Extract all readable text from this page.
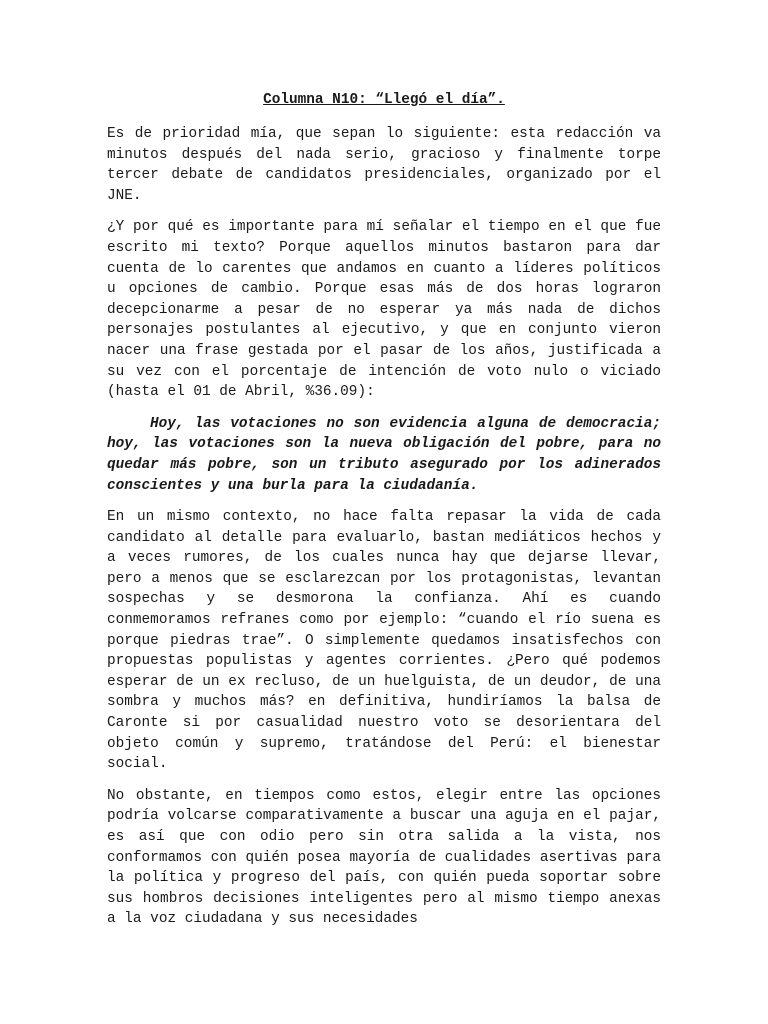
Columna N10: “Llegó el día”.

Es de prioridad mía, que sepan lo siguiente: esta redacción va minutos después del nada serio, gracioso y finalmente torpe tercer debate de candidatos presidenciales, organizado por el JNE.

¿Y por qué es importante para mí señalar el tiempo en el que fue escrito mi texto? Porque aquellos minutos bastaron para dar cuenta de lo carentes que andamos en cuanto a líderes políticos u opciones de cambio. Porque esas más de dos horas lograron decepcionarme a pesar de no esperar ya más nada de dichos personajes postulantes al ejecutivo, y que en conjunto vieron nacer una frase gestada por el pasar de los años, justificada a su vez con el porcentaje de intención de voto nulo o viciado (hasta el 01 de Abril, %36.09):

Hoy, las votaciones no son evidencia alguna de democracia; hoy, las votaciones son la nueva obligación del pobre, para no quedar más pobre, son un tributo asegurado por los adinerados conscientes y una burla para la ciudadanía.

En un mismo contexto, no hace falta repasar la vida de cada candidato al detalle para evaluarlo, bastan mediáticos hechos y a veces rumores, de los cuales nunca hay que dejarse llevar, pero a menos que se esclarezcan por los protagonistas, levantan sospechas y se desmorona la confianza. Ahí es cuando conmemoramos refranes como por ejemplo: “cuando el río suena es porque piedras trae”. O simplemente quedamos insatisfechos con propuestas populistas y agentes corrientes. ¿Pero qué podemos esperar de un ex recluso, de un huelguista, de un deudor, de una sombra y muchos más? en definitiva, hundiríamos la balsa de Caronte si por casualidad nuestro voto se desorientara del objeto común y supremo, tratándose del Perú: el bienestar social.

No obstante, en tiempos como estos, elegir entre las opciones podría volcarse comparativamente a buscar una aguja en el pajar, es así que con odio pero sin otra salida a la vista, nos conformamos con quién posea mayoría de cualidades asertivas para la política y progreso del país, con quién pueda soportar sobre sus hombros decisiones inteligentes pero al mismo tiempo anexas a la voz ciudadana y sus necesidades
